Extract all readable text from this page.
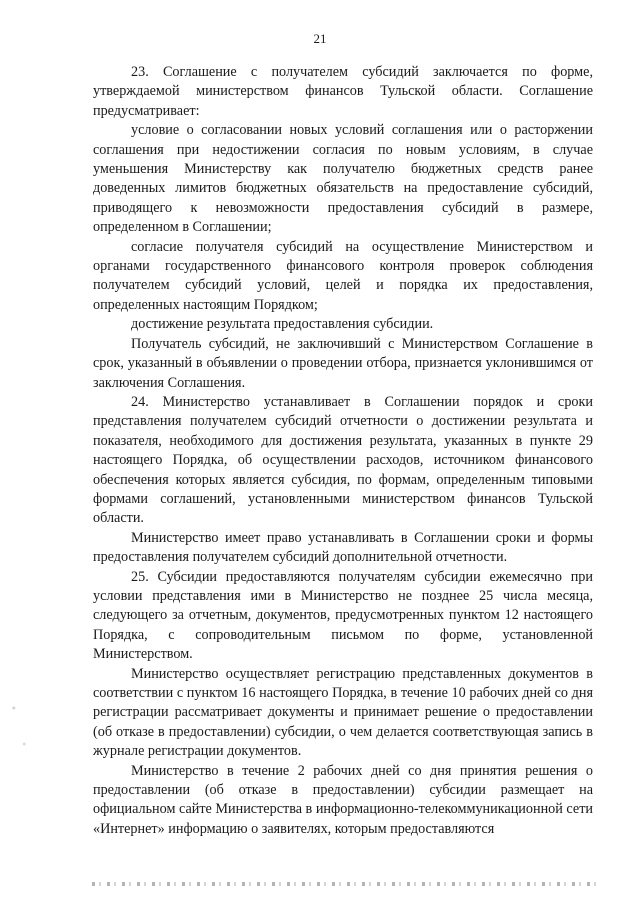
21

23. Соглашение с получателем субсидий заключается по форме, утверждаемой министерством финансов Тульской области. Соглашение предусматривает:

условие о согласовании новых условий соглашения или о расторжении соглашения при недостижении согласия по новым условиям, в случае уменьшения Министерству как получателю бюджетных средств ранее доведенных лимитов бюджетных обязательств на предоставление субсидий, приводящего к невозможности предоставления субсидий в размере, определенном в Соглашении;

согласие получателя субсидий на осуществление Министерством и органами государственного финансового контроля проверок соблюдения получателем субсидий условий, целей и порядка их предоставления, определенных настоящим Порядком;

достижение результата предоставления субсидии.

Получатель субсидий, не заключивший с Министерством Соглашение в срок, указанный в объявлении о проведении отбора, признается уклонившимся от заключения Соглашения.

24. Министерство устанавливает в Соглашении порядок и сроки представления получателем субсидий отчетности о достижении результата и показателя, необходимого для достижения результата, указанных в пункте 29 настоящего Порядка, об осуществлении расходов, источником финансового обеспечения которых является субсидия, по формам, определенным типовыми формами соглашений, установленными министерством финансов Тульской области.

Министерство имеет право устанавливать в Соглашении сроки и формы предоставления получателем субсидий дополнительной отчетности.

25. Субсидии предоставляются получателям субсидии ежемесячно при условии представления ими в Министерство не позднее 25 числа месяца, следующего за отчетным, документов, предусмотренных пунктом 12 настоящего Порядка, с сопроводительным письмом по форме, установленной Министерством.

Министерство осуществляет регистрацию представленных документов в соответствии с пунктом 16 настоящего Порядка, в течение 10 рабочих дней со дня регистрации рассматривает документы и принимает решение о предоставлении (об отказе в предоставлении) субсидии, о чем делается соответствующая запись в журнале регистрации документов.

Министерство в течение 2 рабочих дней со дня принятия решения о предоставлении (об отказе в предоставлении) субсидии размещает на официальном сайте Министерства в информационно-телекоммуникационной сети «Интернет» информацию о заявителях, которым предоставляются
